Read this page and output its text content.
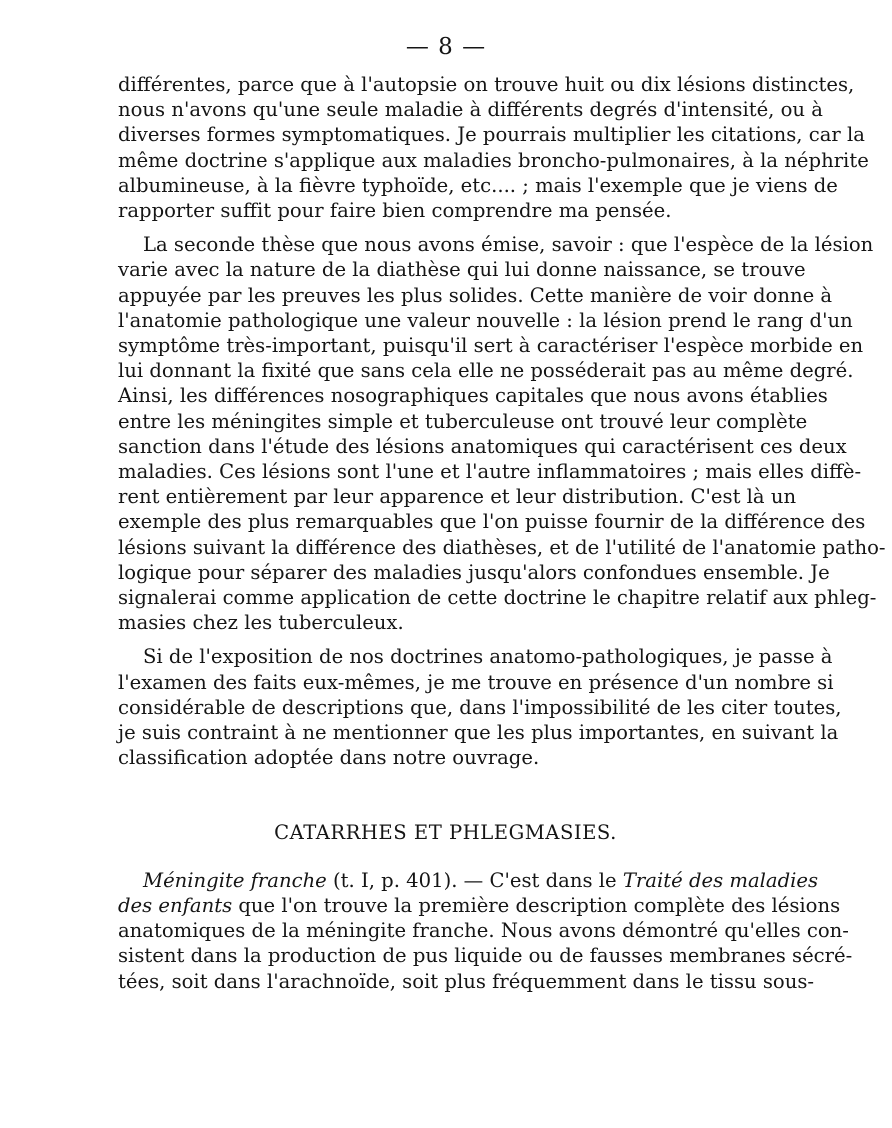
— 8 —

différentes, parce que à l'autopsie on trouve huit ou dix lésions distinctes,
nous n'avons qu'une seule maladie à différents degrés d'intensité, ou à
diverses formes symptomatiques. Je pourrais multiplier les citations, car la
même doctrine s'applique aux maladies broncho-pulmonaires, à la néphrite
albumineuse, à la fièvre typhoïde, etc.... ; mais l'exemple que je viens de
rapporter suffit pour faire bien comprendre ma pensée.

La seconde thèse que nous avons émise, savoir : que l'espèce de la lésion
varie avec la nature de la diathèse qui lui donne naissance, se trouve
appuyée par les preuves les plus solides. Cette manière de voir donne à
l'anatomie pathologique une valeur nouvelle : la lésion prend le rang d'un
symptôme très-important, puisqu'il sert à caractériser l'espèce morbide en
lui donnant la fixité que sans cela elle ne posséderait pas au même degré.
Ainsi, les différences nosographiques capitales que nous avons établies
entre les méningites simple et tuberculeuse ont trouvé leur complète
sanction dans l'étude des lésions anatomiques qui caractérisent ces deux
maladies. Ces lésions sont l'une et l'autre inflammatoires ; mais elles diffè-
rent entièrement par leur apparence et leur distribution. C'est là un
exemple des plus remarquables que l'on puisse fournir de la différence des
lésions suivant la différence des diathèses, et de l'utilité de l'anatomie patho-
logique pour séparer des maladies jusqu'alors confondues ensemble. Je
signalerai comme application de cette doctrine le chapitre relatif aux phleg-
masies chez les tuberculeux.

Si de l'exposition de nos doctrines anatomo-pathologiques, je passe à
l'examen des faits eux-mêmes, je me trouve en présence d'un nombre si
considérable de descriptions que, dans l'impossibilité de les citer toutes,
je suis contraint à ne mentionner que les plus importantes, en suivant la
classification adoptée dans notre ouvrage.

CATARRHES ET PHLEGMASIES.

Méningite franche (t. I, p. 401). — C'est dans le Traité des maladies
des enfants que l'on trouve la première description complète des lésions
anatomiques de la méningite franche. Nous avons démontré qu'elles con-
sistent dans la production de pus liquide ou de fausses membranes sécré-
tées, soit dans l'arachnoïde, soit plus fréquemment dans le tissu sous-
